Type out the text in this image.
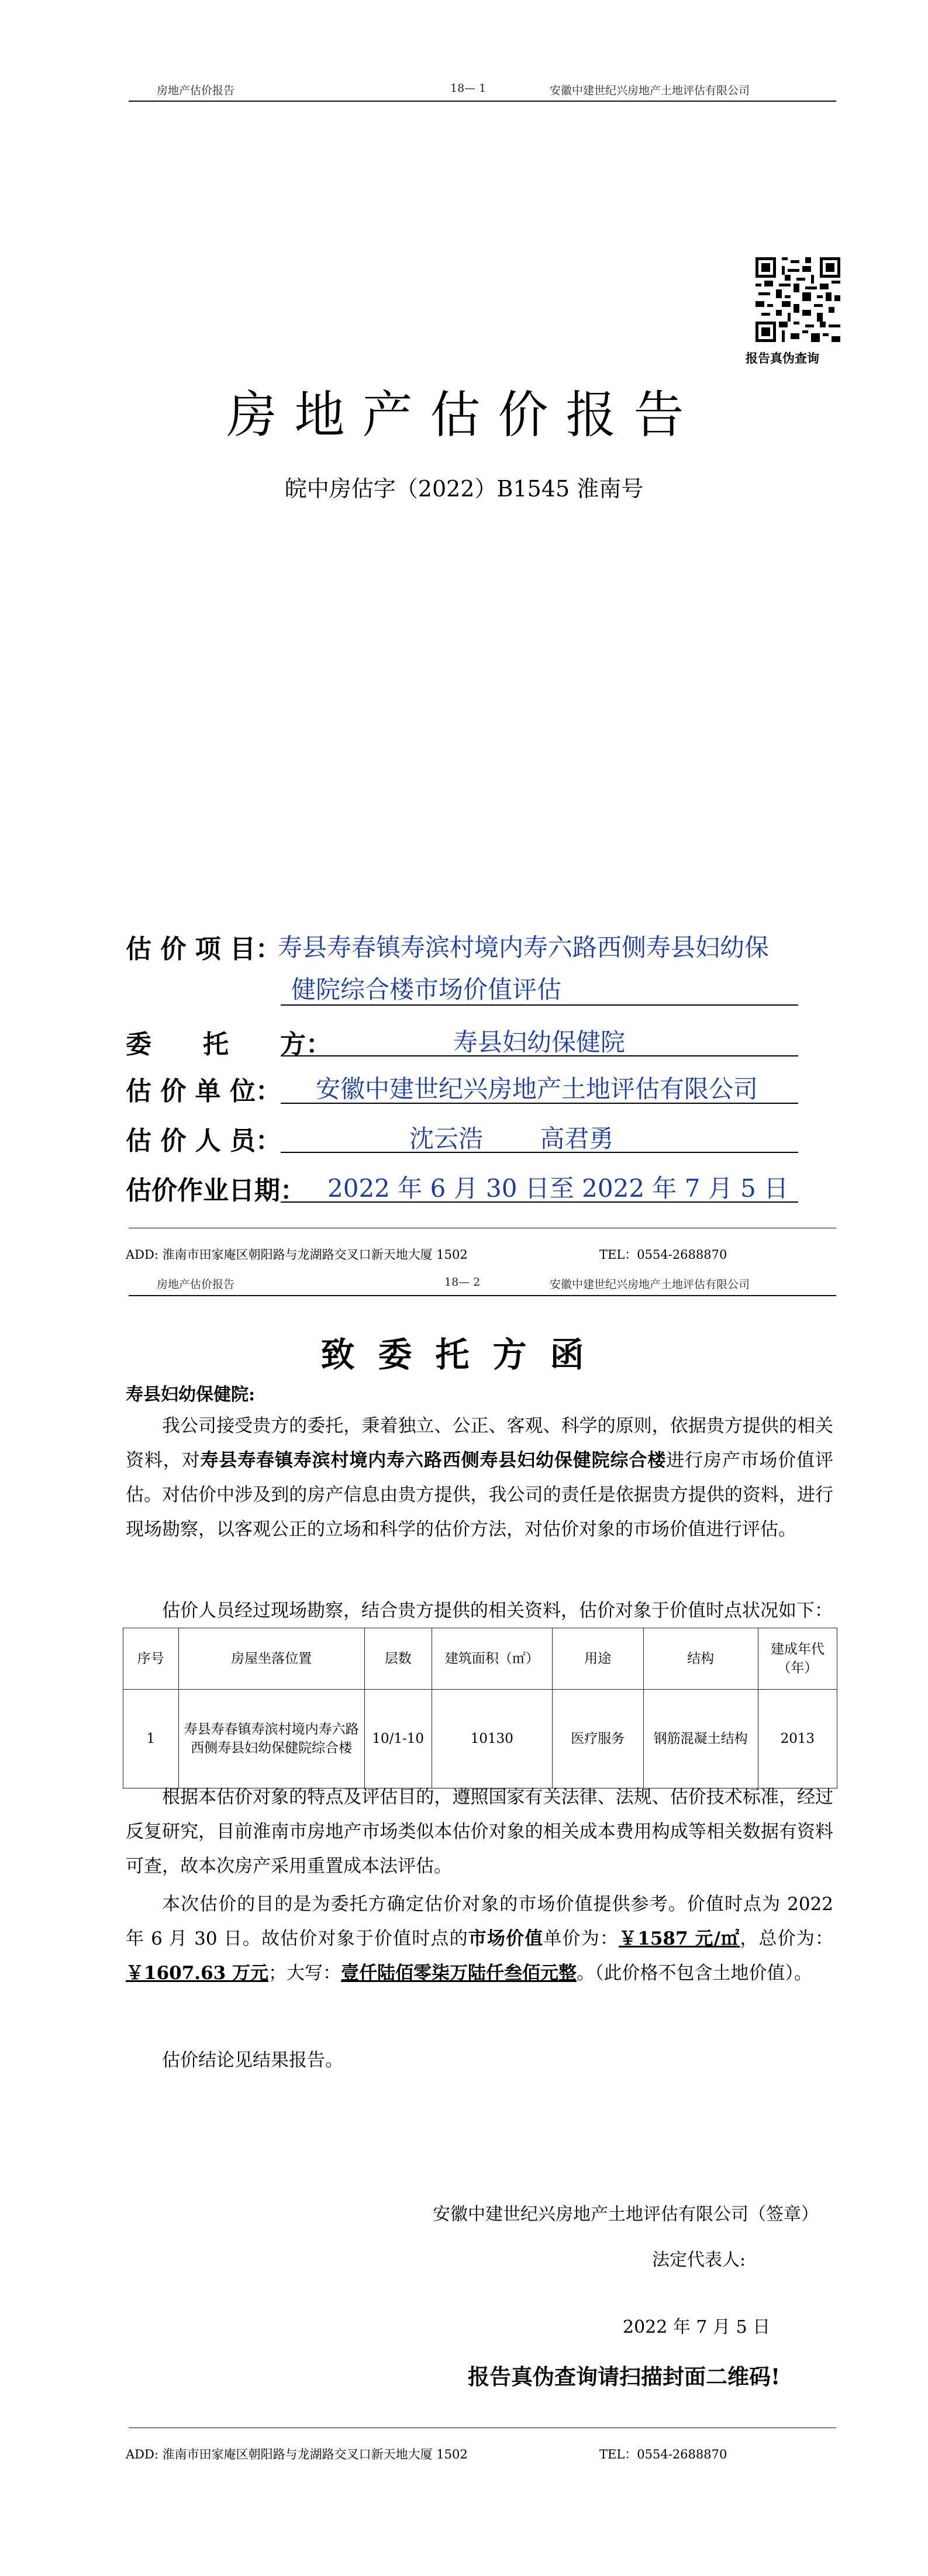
房地产估价报告	18— 1	安徽中建世纪兴房地产土地评估有限公司
报告真伪查询
房地产估价报告
皖中房估字（2022）B1545 淮南号
估 价 项 目：
寿县寿春镇寿滨村境内寿六路西侧寿县妇幼保
健院综合楼市场价值评估
委　　托　　方：	寿县妇幼保健院
估 价 单 位： 安徽中建世纪兴房地产土地评估有限公司
估 价 人 员：	沈云浩　　 高君勇
估价作业日期： 2022 年 6 月 30 日至 2022 年 7 月 5 日
ADD: 淮南市田家庵区朝阳路与龙湖路交叉口新天地大厦 1502	TEL：0554-2688870
房地产估价报告	18— 2	安徽中建世纪兴房地产土地评估有限公司
致委托方函
寿县妇幼保健院:
我公司接受贵方的委托，秉着独立、公正、客观、科学的原则，依据贵方提供的相关资料，对寿县寿春镇寿滨村境内寿六路西侧寿县妇幼保健院综合楼进行房产市场价值评估。对估价中涉及到的房产信息由贵方提供，我公司的责任是依据贵方提供的资料，进行现场勘察，以客观公正的立场和科学的估价方法，对估价对象的市场价值进行评估。
估价人员经过现场勘察，结合贵方提供的相关资料，估价对象于价值时点状况如下：
序号	房屋坐落位置	层数	建筑面积（㎡）	用途	结构	建成年代（年）
1	寿县寿春镇寿滨村境内寿六路西侧寿县妇幼保健院综合楼	10/1-10	10130	医疗服务	钢筋混凝土结构	2013
根据本估价对象的特点及评估目的，遵照国家有关法律、法规、估价技术标准，经过反复研究，目前淮南市房地产市场类似本估价对象的相关成本费用构成等相关数据有资料可查，故本次房产采用重置成本法评估。
本次估价的目的是为委托方确定估价对象的市场价值提供参考。价值时点为 2022 年 6 月 30 日。故估价对象于价值时点的市场价值单价为：￥1587 元/㎡，总价为：￥1607.63 万元；大写：壹仟陆佰零柒万陆仟叁佰元整。（此价格不包含土地价值）。
估价结论见结果报告。
安徽中建世纪兴房地产土地评估有限公司（签章）
法定代表人:
2022 年 7 月 5 日
报告真伪查询请扫描封面二维码!
ADD: 淮南市田家庵区朝阳路与龙湖路交叉口新天地大厦 1502	TEL：0554-2688870
